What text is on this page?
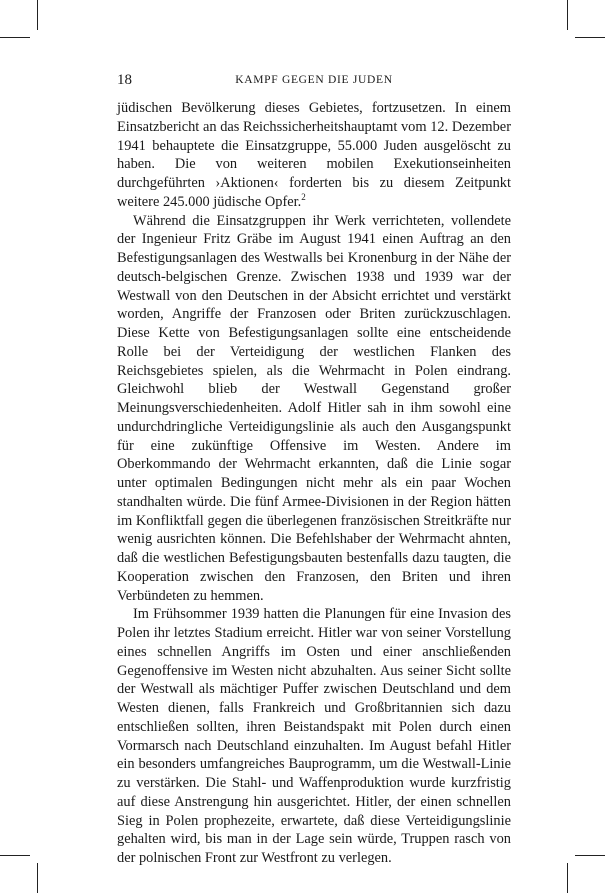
18	KAMPF GEGEN DIE JUDEN

jüdischen Bevölkerung dieses Gebietes, fortzusetzen. In einem Einsatzbericht an das Reichssicherheitshauptamt vom 12. Dezember 1941 behauptete die Einsatzgruppe, 55.000 Juden ausgelöscht zu haben. Die von weiteren mobilen Exekutionseinheiten durchgeführten ›Aktionen‹ forderten bis zu diesem Zeitpunkt weitere 245.000 jüdische Opfer.$^2$

Während die Einsatzgruppen ihr Werk verrichteten, vollendete der Ingenieur Fritz Gräbe im August 1941 einen Auftrag an den Befestigungsanlagen des Westwalls bei Kronenburg in der Nähe der deutsch-belgischen Grenze. Zwischen 1938 und 1939 war der Westwall von den Deutschen in der Absicht errichtet und verstärkt worden, Angriffe der Franzosen oder Briten zurückzuschlagen. Diese Kette von Befestigungsanlagen sollte eine entscheidende Rolle bei der Verteidigung der westlichen Flanken des Reichsgebietes spielen, als die Wehrmacht in Polen eindrang. Gleichwohl blieb der Westwall Gegenstand großer Meinungsverschiedenheiten. Adolf Hitler sah in ihm sowohl eine undurchdringliche Verteidigungslinie als auch den Ausgangspunkt für eine zukünftige Offensive im Westen. Andere im Oberkommando der Wehrmacht erkannten, daß die Linie sogar unter optimalen Bedingungen nicht mehr als ein paar Wochen standhalten würde. Die fünf Armee-Divisionen in der Region hätten im Konfliktfall gegen die überlegenen französischen Streitkräfte nur wenig ausrichten können. Die Befehlshaber der Wehrmacht ahnten, daß die westlichen Befestigungsbauten bestenfalls dazu taugten, die Kooperation zwischen den Franzosen, den Briten und ihren Verbündeten zu hemmen.

Im Frühsommer 1939 hatten die Planungen für eine Invasion des Polen ihr letztes Stadium erreicht. Hitler war von seiner Vorstellung eines schnellen Angriffs im Osten und einer anschließenden Gegenoffensive im Westen nicht abzuhalten. Aus seiner Sicht sollte der Westwall als mächtiger Puffer zwischen Deutschland und dem Westen dienen, falls Frankreich und Großbritannien sich dazu entschließen sollten, ihren Beistandspakt mit Polen durch einen Vormarsch nach Deutschland einzuhalten. Im August befahl Hitler ein besonders umfangreiches Bauprogramm, um die Westwall-Linie zu verstärken. Die Stahl- und Waffenproduktion wurde kurzfristig auf diese Anstrengung hin ausgerichtet. Hitler, der einen schnellen Sieg in Polen prophezeite, erwartete, daß diese Verteidigungslinie gehalten wird, bis man in der Lage sein würde, Truppen rasch von der polnischen Front zur Westfront zu verlegen.
